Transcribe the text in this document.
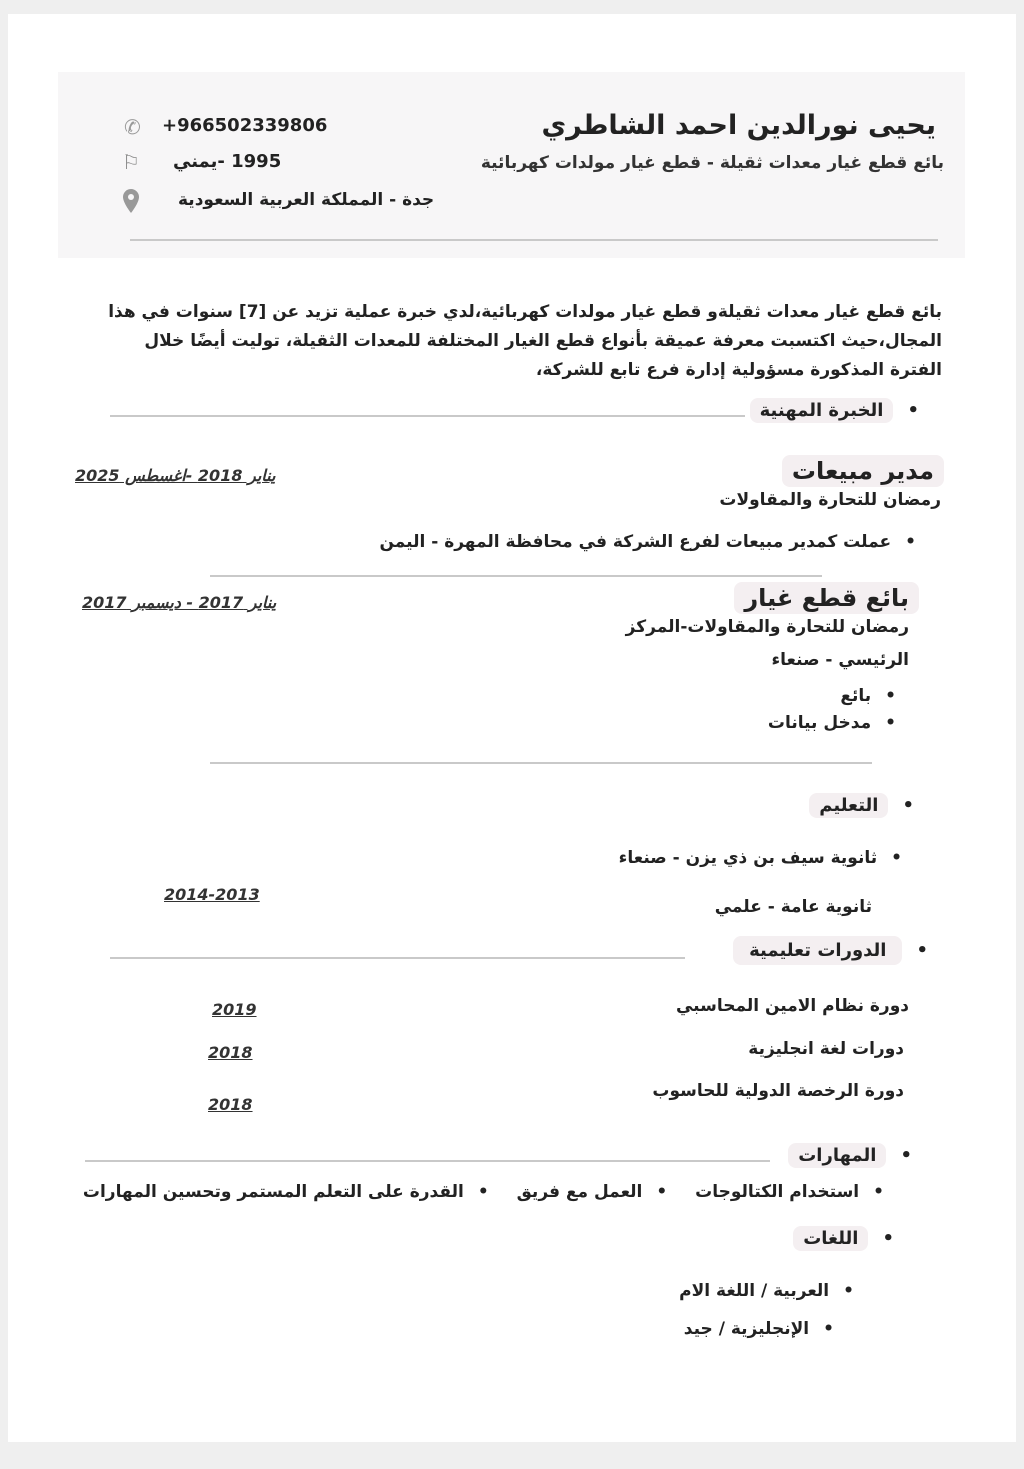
يحيى نورالدين احمد الشاطري
بائع قطع غيار معدات ثقيلة - قطع غيار مولدات كهربائية
✆ +966502339806
⚐ 1995 -يمني
جدة - المملكة العربية السعودية
بائع قطع غيار معدات ثقيلةو قطع غيار مولدات كهربائية،لدي خبرة عملية تزيد عن [7] سنوات في هذا
المجال،حيث اكتسبت معرفة عميقة بأنواع قطع الغيار المختلفة للمعدات الثقيلة، توليت أيضًا خلال
الفترة المذكورة مسؤولية إدارة فرع تابع للشركة،
• الخبرة المهنية
مدير مبيعات
يناير 2018 -اغسطس 2025
رمضان للتحارة والمقاولات
• عملت كمدير مبيعات لفرع الشركة في محافظة المهرة - اليمن
بائع قطع غيار
يناير 2017 - ديسمبر 2017
رمضان للتحارة والمقاولات-المركز
الرئيسي - صنعاء
• بائع
• مدخل بيانات
• التعليم
• ثانوية سيف بن ذي يزن - صنعاء
ثانوية عامة - علمي
2014-2013
• الدورات تعليمية
دورة نظام الامين المحاسبي
2019
دورات لغة انجليزية
2018
دورة الرخصة الدولية للحاسوب
2018
• المهارات
• استخدام الكتالوجات • العمل مع فريق • القدرة على التعلم المستمر وتحسين المهارات
• اللغات
• العربية / اللغة الام
• الإنجليزية / جيد
